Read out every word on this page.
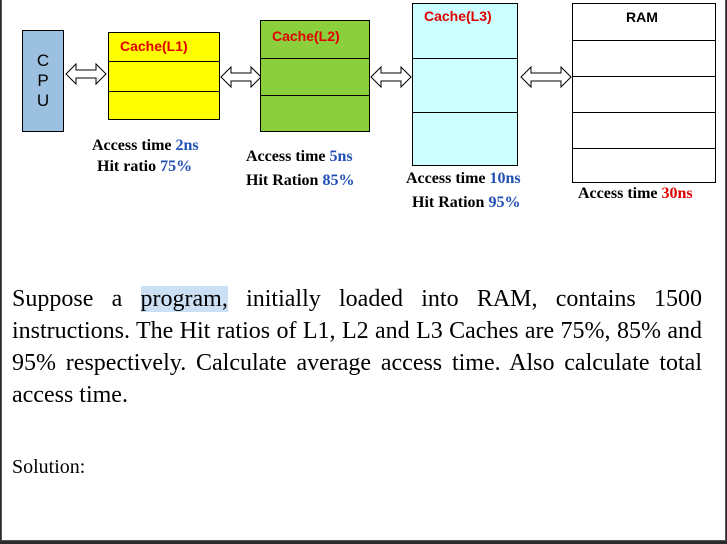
C
P
U
Cache(L1)
Cache(L2)
Cache(L3)	RAM
Access time 2ns
Hit ratio 75%
Access time 5ns
Hit Ration 85%	Access time 10ns
Hit Ration 95%
Access time 30ns
Suppose a program, initially loaded into RAM, contains 1500 instructions. The Hit ratios of L1, L2 and L3 Caches are 75%, 85% and 95% respectively. Calculate average access time. Also calculate total access time.
Solution:
